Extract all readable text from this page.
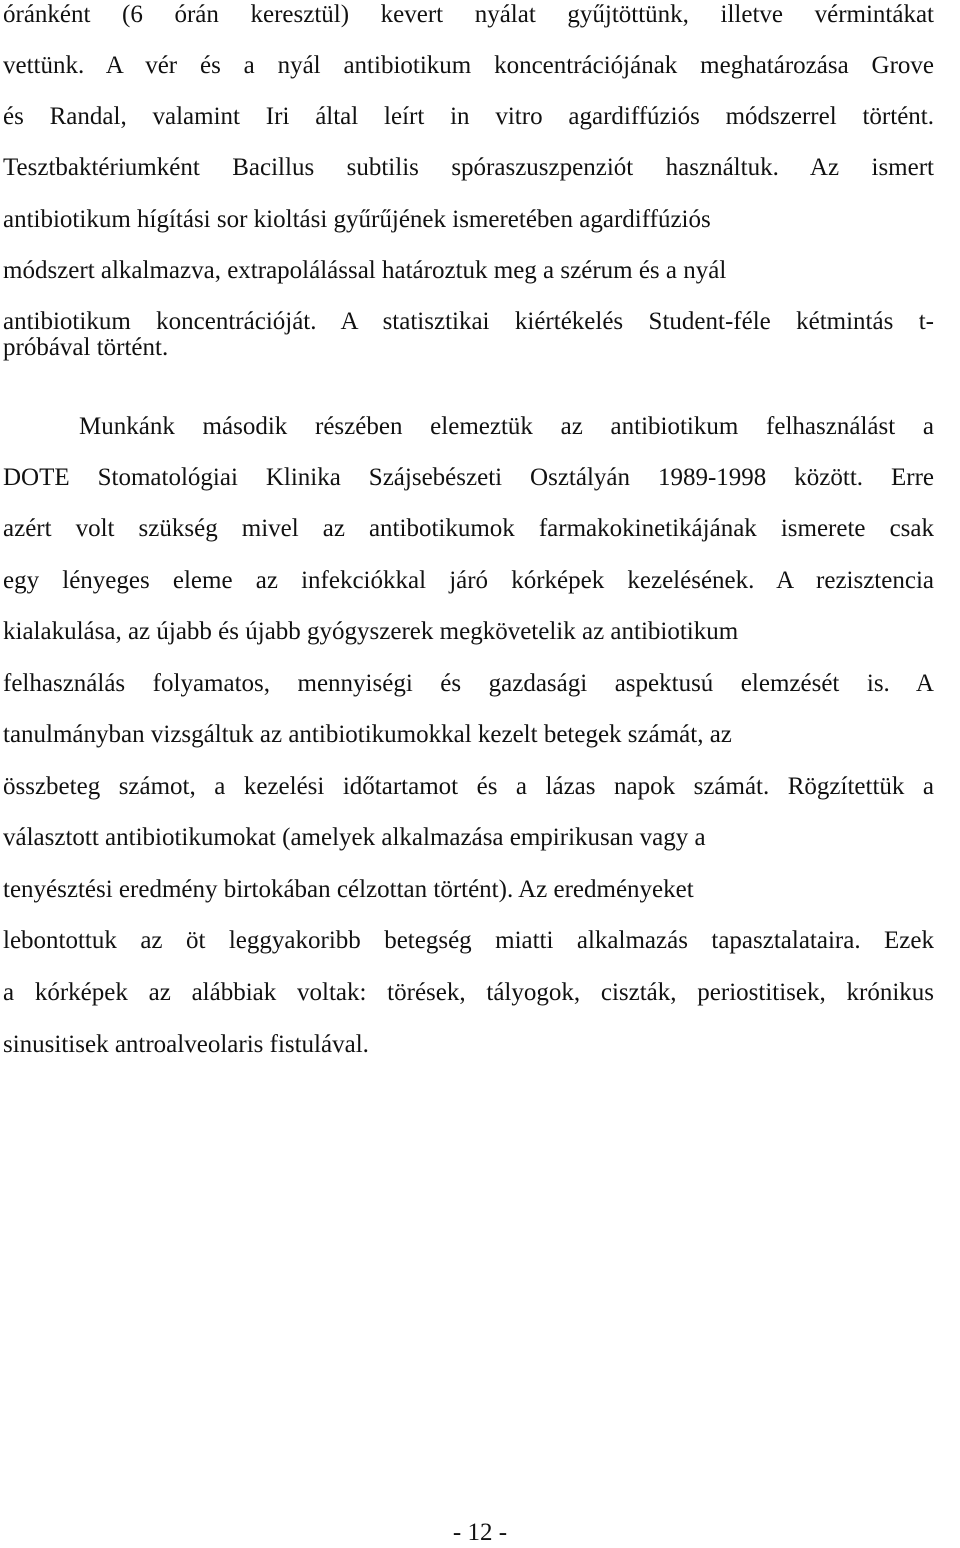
óránként (6 órán keresztül) kevert nyálat gyűjtöttünk, illetve vérmintákat

vettünk. A vér és a nyál antibiotikum koncentrációjának meghatározása Grove

és Randal, valamint Iri által leírt in vitro agardiffúziós módszerrel történt.

Tesztbaktériumként Bacillus subtilis spóraszuszpenziót használtuk. Az ismert

antibiotikum hígítási sor kioltási gyűrűjének ismeretében agardiffúziós

módszert alkalmazva, extrapolálással határoztuk meg a szérum és a nyál

antibiotikum koncentrációját. A statisztikai kiértékelés Student-féle kétmintás t-

próbával történt.

Munkánk második részében elemeztük az antibiotikum felhasználást a

DOTE Stomatológiai Klinika Szájsebészeti Osztályán 1989-1998 között. Erre

azért volt szükség mivel az antibotikumok farmakokinetikájának ismerete csak

egy lényeges eleme az infekciókkal járó kórképek kezelésének. A rezisztencia

kialakulása, az újabb és újabb gyógyszerek megkövetelik az antibiotikum

felhasználás folyamatos, mennyiségi és gazdasági aspektusú elemzését is. A

tanulmányban vizsgáltuk az antibiotikumokkal kezelt betegek számát, az

összbeteg számot, a kezelési időtartamot és a lázas napok számát. Rögzítettük a

választott antibiotikumokat (amelyek alkalmazása empirikusan vagy a

tenyésztési eredmény birtokában célzottan történt). Az eredményeket

lebontottuk az öt leggyakoribb betegség miatti alkalmazás tapasztalataira. Ezek

a kórképek az alábbiak voltak: törések, tályogok, ciszták, periostitisek, krónikus

sinusitisek antroalveolaris fistulával.

- 12 -
